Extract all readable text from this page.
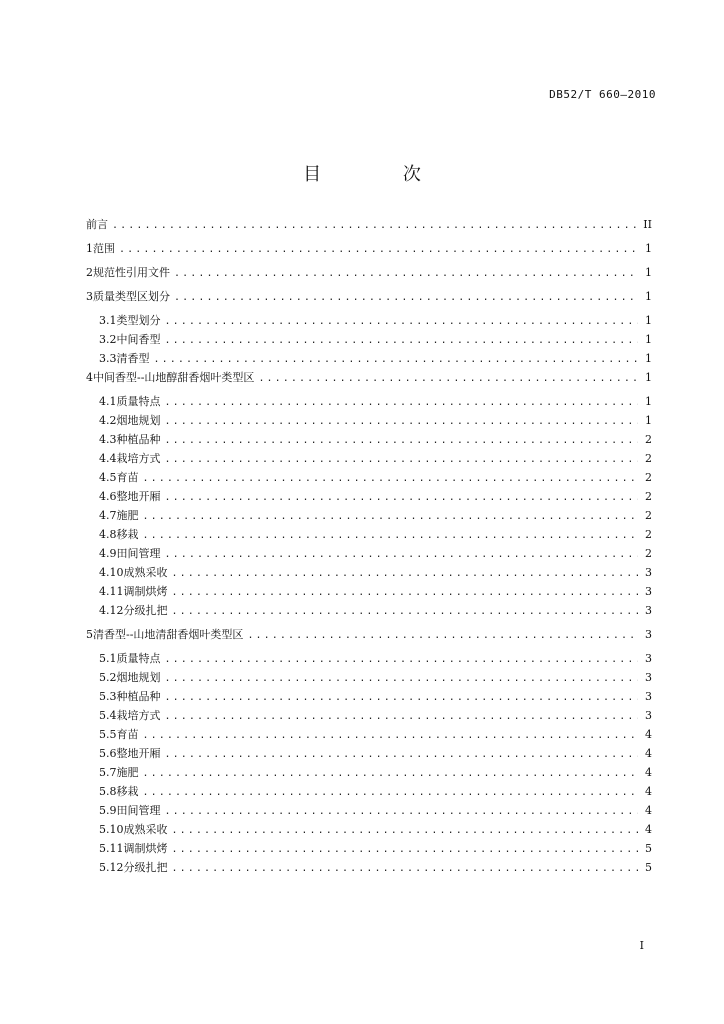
DB52/T 660—2010
目 次
前言 .....	II
1 范围 .....	1
2 规范性引用文件 .....	1
3 质量类型区划分 .....	1
3.1 类型划分 .....	1
3.2 中间香型 .....	1
3.3 清香型 .....	1
4 中间香型--山地醇甜香烟叶类型区 .....	1
4.1 质量特点 .....	1
4.2 烟地规划 .....	1
4.3 种植品种 .....	2
4.4 栽培方式 .....	2
4.5 育苗 .....	2
4.6 整地开厢 .....	2
4.7 施肥 .....	2
4.8 移栽 .....	2
4.9 田间管理 .....	2
4.10 成熟采收 .....	3
4.11 调制烘烤 .....	3
4.12 分级扎把 .....	3
5 清香型--山地清甜香烟叶类型区 .....	3
5.1 质量特点 .....	3
5.2 烟地规划 .....	3
5.3 种植品种 .....	3
5.4 栽培方式 .....	3
5.5 育苗 .....	4
5.6 整地开厢 .....	4
5.7 施肥 .....	4
5.8 移栽 .....	4
5.9 田间管理 .....	4
5.10 成熟采收 .....	4
5.11 调制烘烤 .....	5
5.12 分级扎把 .....	5
I
